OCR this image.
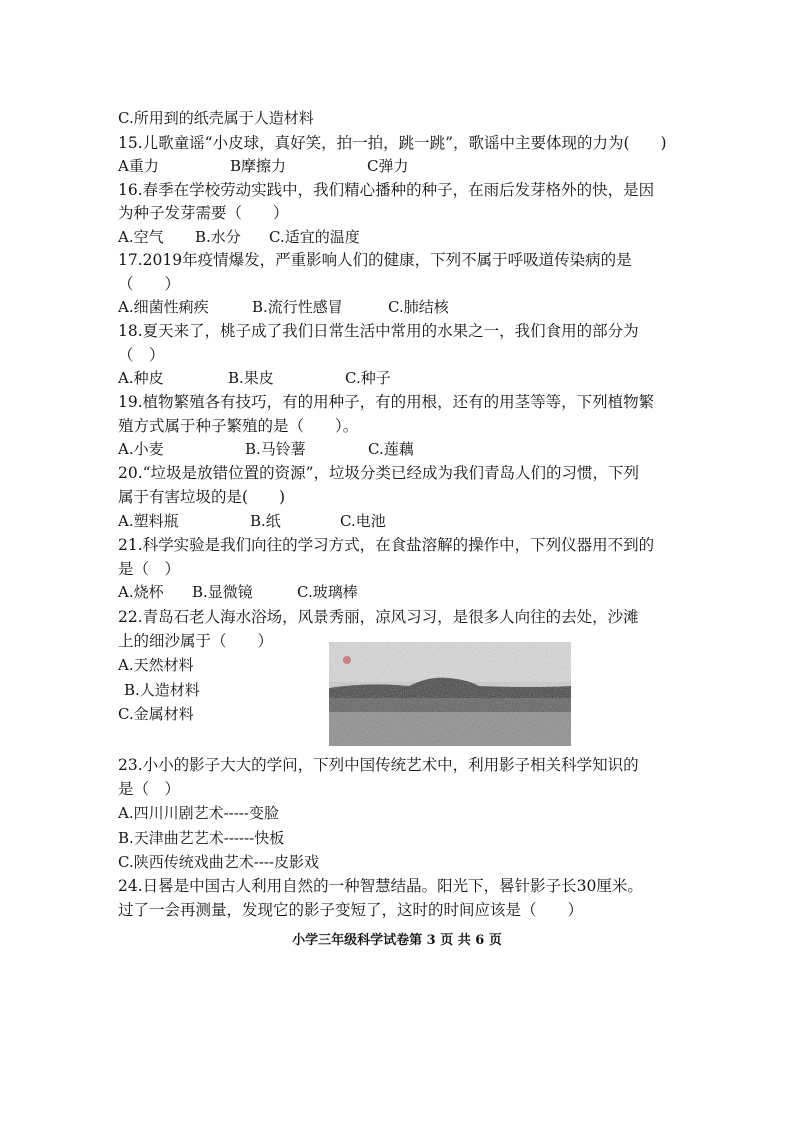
C.所用到的纸壳属于人造材料
15.儿歌童谣“小皮球，真好笑，拍一拍，跳一跳”，歌谣中主要体现的力为(　　)
A重力	B摩擦力	C弹力
16.春季在学校劳动实践中，我们精心播种的种子，在雨后发芽格外的快，是因
为种子发芽需要（　　）
A.空气 B.水分 C.适宜的温度
17.2019年疫情爆发，严重影响人们的健康，下列不属于呼吸道传染病的是
（　　）
A.细菌性痢疾	B.流行性感冒	C.肺结核
18.夏天来了，桃子成了我们日常生活中常用的水果之一，我们食用的部分为
（　）
A.种皮	B.果皮	C.种子
19.植物繁殖各有技巧，有的用种子，有的用根，还有的用茎等等，下列植物繁
殖方式属于种子繁殖的是（　　）。
A.小麦	B.马铃薯	C.莲藕
20.“垃圾是放错位置的资源”，垃圾分类已经成为我们青岛人们的习惯，下列
属于有害垃圾的是(　　)
A.塑料瓶	B.纸	C.电池
21.科学实验是我们向往的学习方式，在食盐溶解的操作中，下列仪器用不到的
是（　）
A.烧杯 B.显微镜	C.玻璃棒
22.青岛石老人海水浴场，风景秀丽，凉风习习，是很多人向往的去处，沙滩
上的细沙属于（　　）
A.天然材料
B.人造材料
C.金属材料
23.小小的影子大大的学问，下列中国传统艺术中，利用影子相关科学知识的
是（　）
A.四川川剧艺术-----变脸
B.天津曲艺艺术------快板
C.陕西传统戏曲艺术----皮影戏
24.日晷是中国古人利用自然的一种智慧结晶。阳光下，晷针影子长30厘米。
过了一会再测量，发现它的影子变短了，这时的时间应该是（　　）
小学三年级科学试卷第 3 页 共 6 页
